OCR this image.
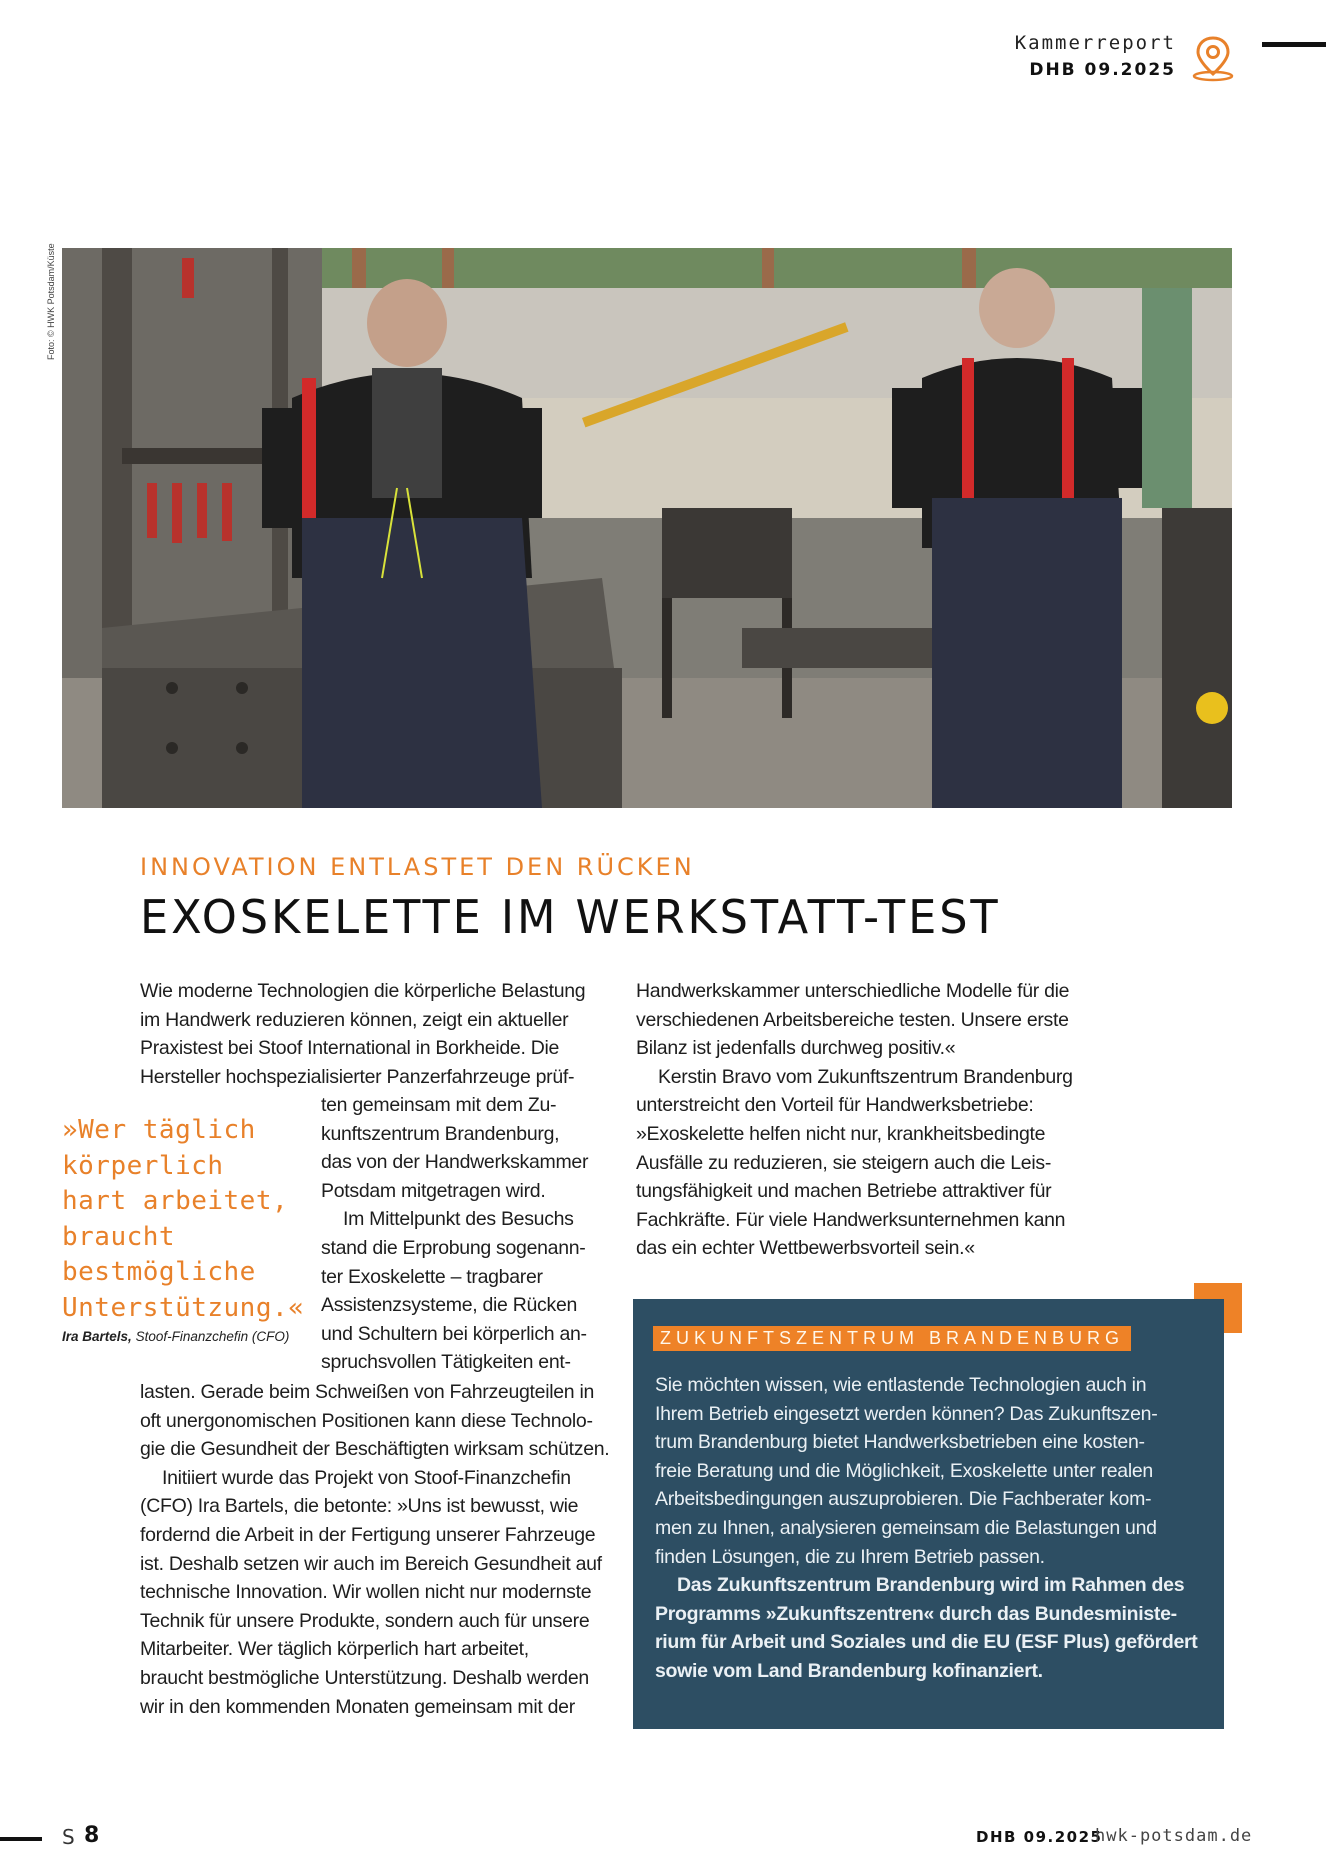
Kammerreport
DHB 09.2025
Foto: © HWK Potsdam/Küste
INNOVATION ENTLASTET DEN RÜCKEN
EXOSKELETTE IM WERKSTATT-TEST
Wie moderne Technologien die körperliche Belastung
im Handwerk reduzieren können, zeigt ein aktueller
Praxistest bei Stoof International in Borkheide. Die
Hersteller hochspezialisierter Panzerfahrzeuge prüf-
ten gemeinsam mit dem Zu-
kunftszentrum Brandenburg,
das von der Handwerkskammer
Potsdam mitgetragen wird.
Im Mittelpunkt des Besuchs
stand die Erprobung sogenann-
ter Exoskelette – tragbarer
Assistenzsysteme, die Rücken
und Schultern bei körperlich an-
spruchsvollen Tätigkeiten ent-
»Wer täglich
körperlich
hart arbeitet,
braucht
bestmögliche
Unterstützung.«
Ira Bartels, Stoof-Finanzchefin (CFO)
lasten. Gerade beim Schweißen von Fahrzeugteilen in
oft unergonomischen Positionen kann diese Technolo-
gie die Gesundheit der Beschäftigten wirksam schützen.
Initiiert wurde das Projekt von Stoof-Finanzchefin
(CFO) Ira Bartels, die betonte: »Uns ist bewusst, wie
fordernd die Arbeit in der Fertigung unserer Fahrzeuge
ist. Deshalb setzen wir auch im Bereich Gesundheit auf
technische Innovation. Wir wollen nicht nur modernste
Technik für unsere Produkte, sondern auch für unsere
Mitarbeiter. Wer täglich körperlich hart arbeitet,
braucht bestmögliche Unterstützung. Deshalb werden
wir in den kommenden Monaten gemeinsam mit der
Handwerkskammer unterschiedliche Modelle für die
verschiedenen Arbeitsbereiche testen. Unsere erste
Bilanz ist jedenfalls durchweg positiv.«
Kerstin Bravo vom Zukunftszentrum Brandenburg
unterstreicht den Vorteil für Handwerksbetriebe:
»Exoskelette helfen nicht nur, krankheitsbedingte
Ausfälle zu reduzieren, sie steigern auch die Leis-
tungsfähigkeit und machen Betriebe attraktiver für
Fachkräfte. Für viele Handwerksunternehmen kann
das ein echter Wettbewerbsvorteil sein.«
ZUKUNFTSZENTRUM BRANDENBURG
Sie möchten wissen, wie entlastende Technologien auch in
Ihrem Betrieb eingesetzt werden können? Das Zukunftszen-
trum Brandenburg bietet Handwerksbetrieben eine kosten-
freie Beratung und die Möglichkeit, Exoskelette unter realen
Arbeitsbedingungen auszuprobieren. Die Fachberater kom-
men zu Ihnen, analysieren gemeinsam die Belastungen und
finden Lösungen, die zu Ihrem Betrieb passen.
Das Zukunftszentrum Brandenburg wird im Rahmen des
Programms »Zukunftszentren« durch das Bundesministe-
rium für Arbeit und Soziales und die EU (ESF Plus) gefördert
sowie vom Land Brandenburg kofinanziert.
S 8	DHB 09.2025
hwk-potsdam.de
